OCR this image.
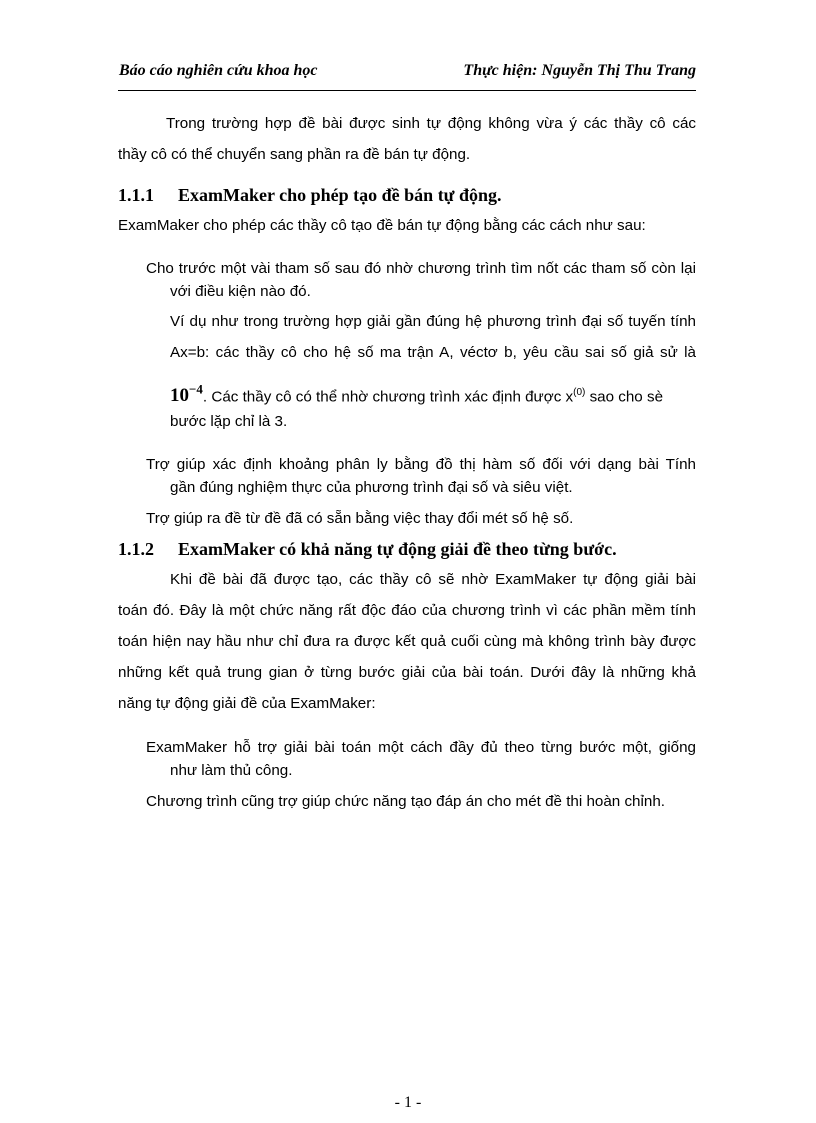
Báo cáo nghiên cứu khoa học	Thực hiện: Nguyễn Thị Thu Trang
Trong trường hợp đề bài được sinh tự động không vừa ý các thầy cô các
thầy cô có thể chuyển sang phần ra đề bán tự động.
1.1.1 ExamMaker cho phép tạo đề bán tự động.
ExamMaker cho phép các thầy cô tạo đề bán tự động bằng các cách như sau:
Cho trước một vài tham số sau đó nhờ chương trình tìm nốt các tham số còn lại
với điều kiện nào đó.
Ví dụ như trong trường hợp giải gần đúng hệ phương trình đại số tuyến tính
Ax=b: các thầy cô cho hệ số ma trận A, véctơ b, yêu cầu sai số giả sử là
$10^{-4}$. Các thầy cô có thể nhờ chương trình xác định được $x^{(0)}$ sao cho sè
bước lặp chỉ là 3.
Trợ giúp xác định khoảng phân ly bằng đồ thị hàm số đối với dạng bài Tính
gần đúng nghiệm thực của phương trình đại số và siêu việt.
Trợ giúp ra đề từ đề đã có sẵn bằng việc thay đổi mét số hệ số.
1.1.2 ExamMaker có khả năng tự động giải đề theo từng bước.
Khi đề bài đã được tạo, các thầy cô sẽ nhờ ExamMaker tự động giải bài
toán đó. Đây là một chức năng rất độc đáo của chương trình vì các phần mềm tính
toán hiện nay hầu như chỉ đưa ra được kết quả cuối cùng mà không trình bày được
những kết quả trung gian ở từng bước giải của bài toán. Dưới đây là những khả
năng tự động giải đề của ExamMaker:
ExamMaker hỗ trợ giải bài toán một cách đầy đủ theo từng bước một, giống
như làm thủ công.
Chương trình cũng trợ giúp chức năng tạo đáp án cho mét đề thi hoàn chỉnh.
- 1 -
